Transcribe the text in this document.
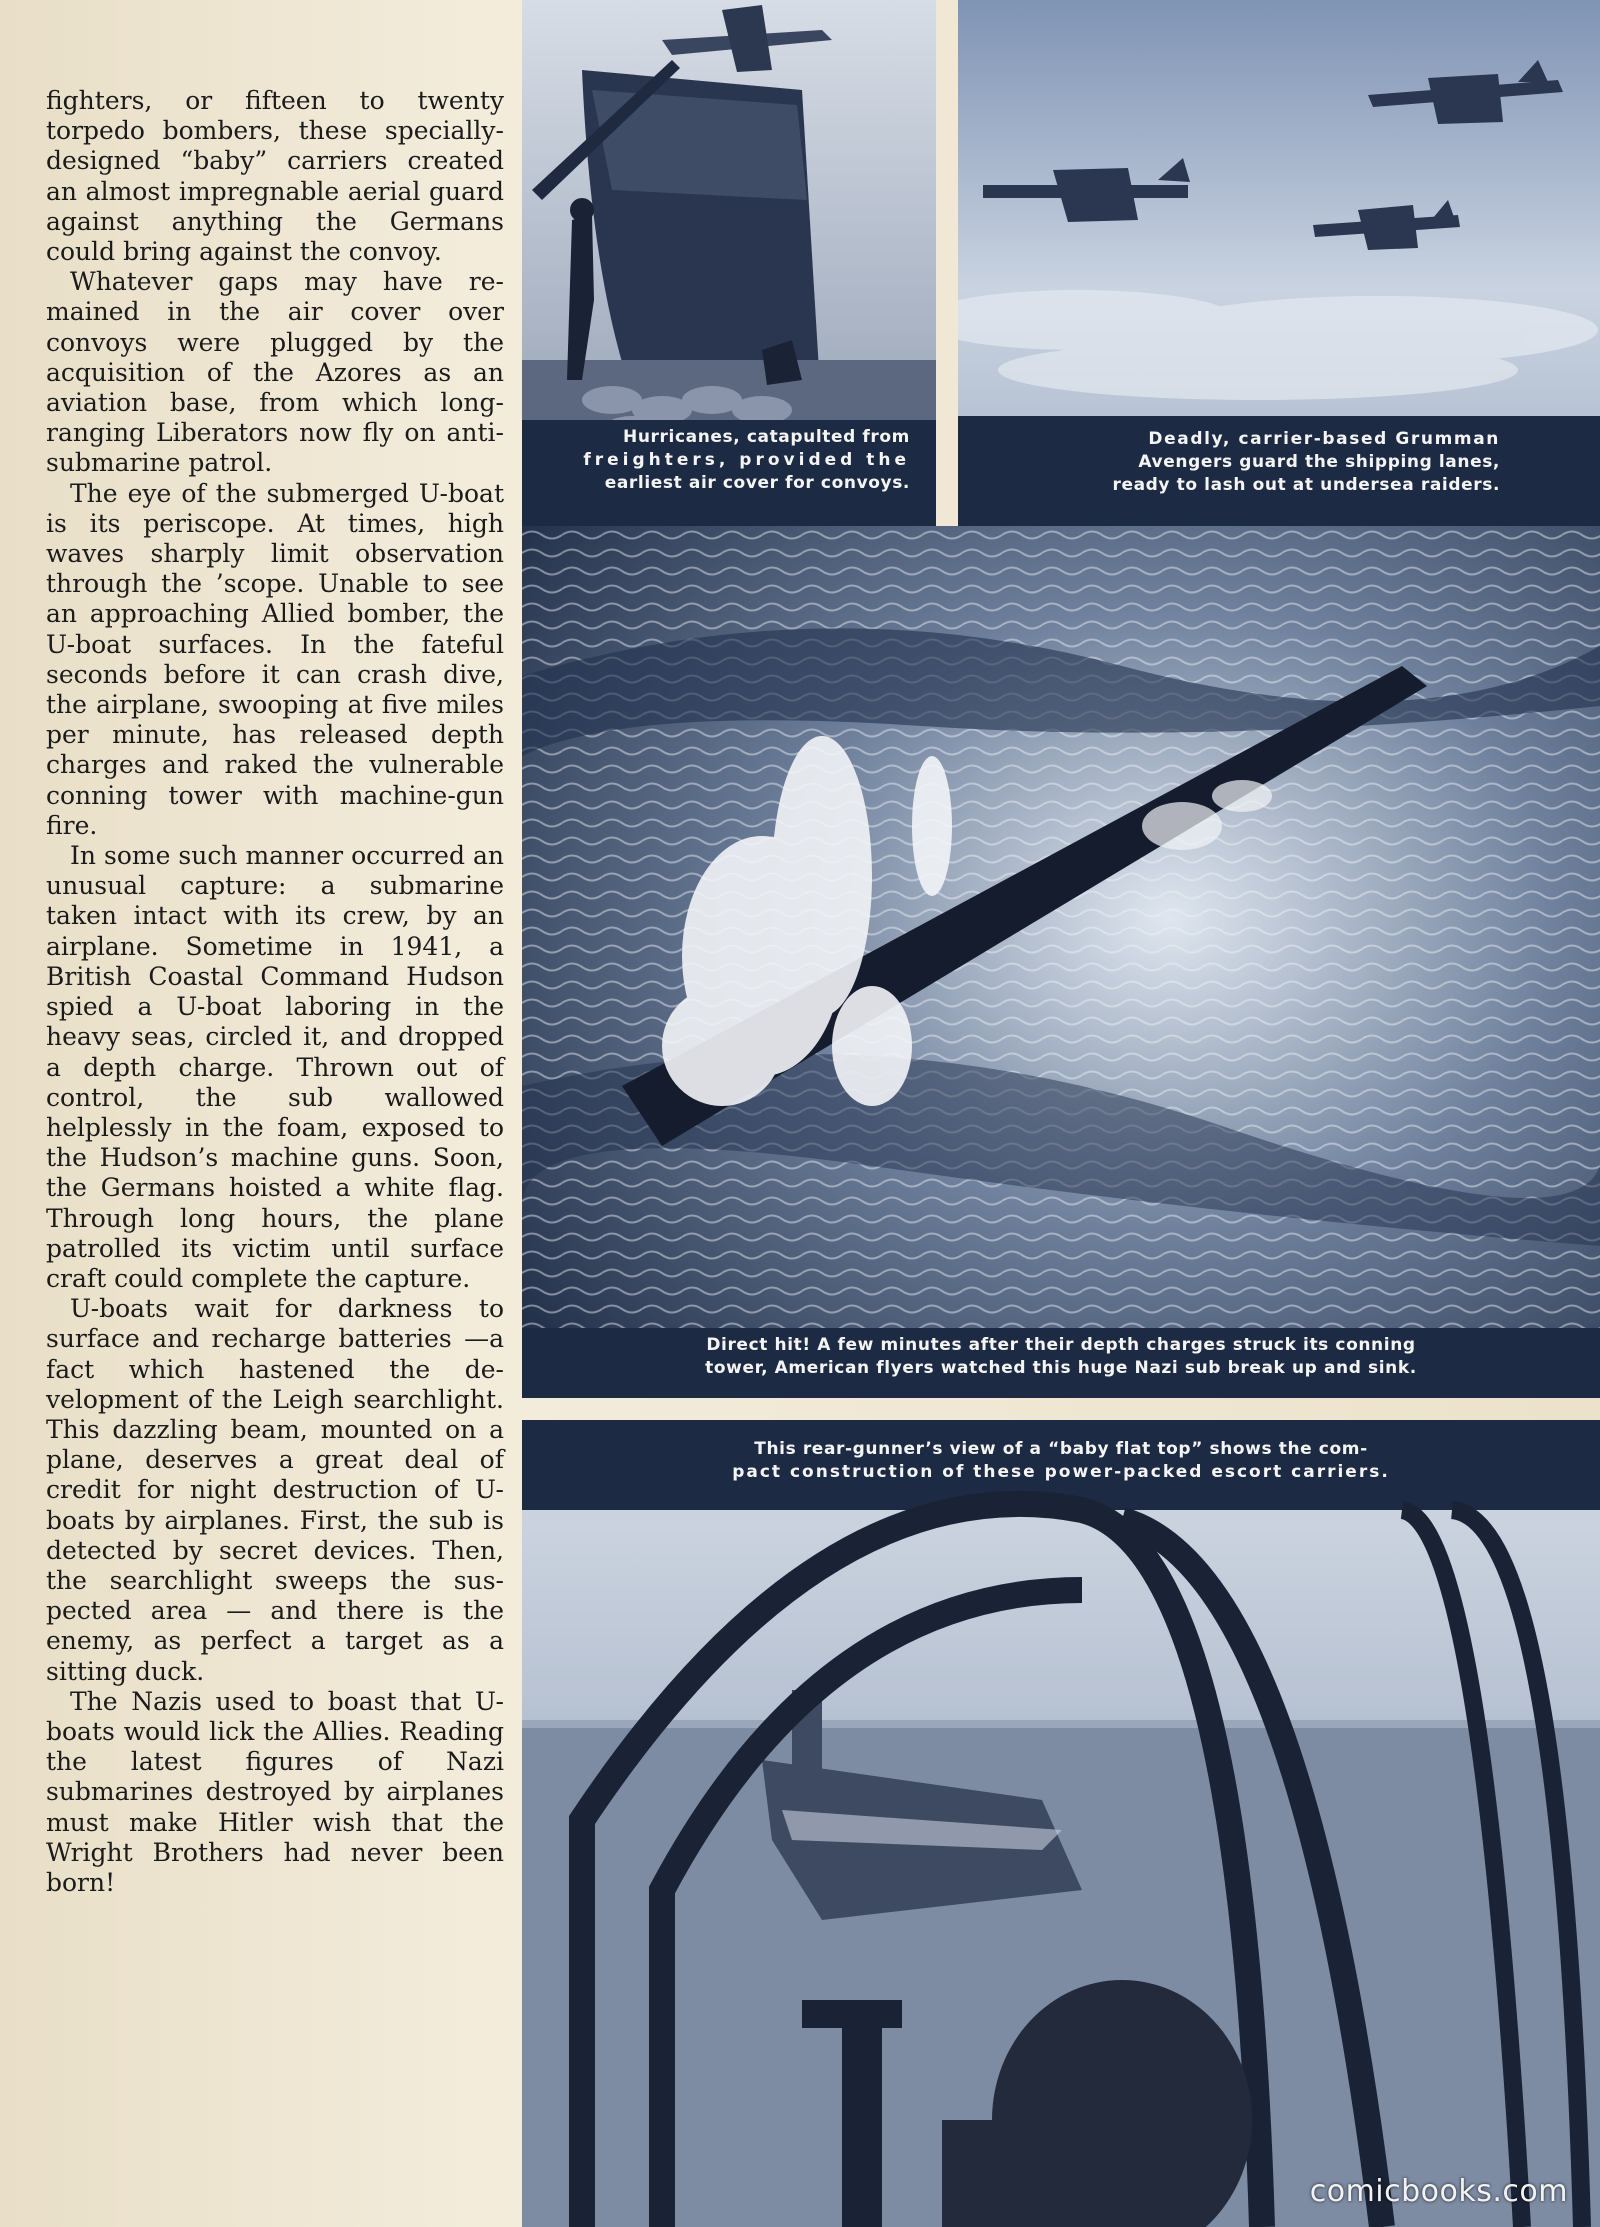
fighters, or fifteen to twenty torpedo bombers, these specially-designed “baby” carriers created an almost impregnable aerial guard against anything the Germans could bring against the convoy.

Whatever gaps may have remained in the air cover over convoys were plugged by the acquisition of the Azores as an aviation base, from which long-ranging Liberators now fly on anti-submarine patrol.

The eye of the submerged U-boat is its periscope. At times, high waves sharply limit observation through the ’scope. Unable to see an approaching Allied bomber, the U-boat surfaces. In the fateful seconds before it can crash dive, the airplane, swooping at five miles per minute, has released depth charges and raked the vulnerable conning tower with machine-gun fire.

In some such manner occurred an unusual capture: a submarine taken intact with its crew, by an airplane. Sometime in 1941, a British Coastal Command Hudson spied a U-boat laboring in the heavy seas, circled it, and dropped a depth charge. Thrown out of control, the sub wallowed helplessly in the foam, exposed to the Hudson’s machine guns. Soon, the Germans hoisted a white flag. Through long hours, the plane patrolled its victim until surface craft could complete the capture.

U-boats wait for darkness to surface and recharge batteries —a fact which hastened the development of the Leigh searchlight. This dazzling beam, mounted on a plane, deserves a great deal of credit for night destruction of U-boats by airplanes. First, the sub is detected by secret devices. Then, the searchlight sweeps the suspected area — and there is the enemy, as perfect a target as a sitting duck.

The Nazis used to boast that U-boats would lick the Allies. Reading the latest figures of Nazi submarines destroyed by airplanes must make Hitler wish that the Wright Brothers had never been born!

Hurricanes, catapulted from
freighters, provided the
earliest air cover for convoys.
Deadly, carrier-based Grumman
Avengers guard the shipping lanes,
ready to lash out at undersea raiders.
Direct hit! A few minutes after their depth charges struck its conning
tower, American flyers watched this huge Nazi sub break up and sink.
This rear-gunner’s view of a “baby flat top” shows the com-
pact construction of these power-packed escort carriers.
comicbooks.com
